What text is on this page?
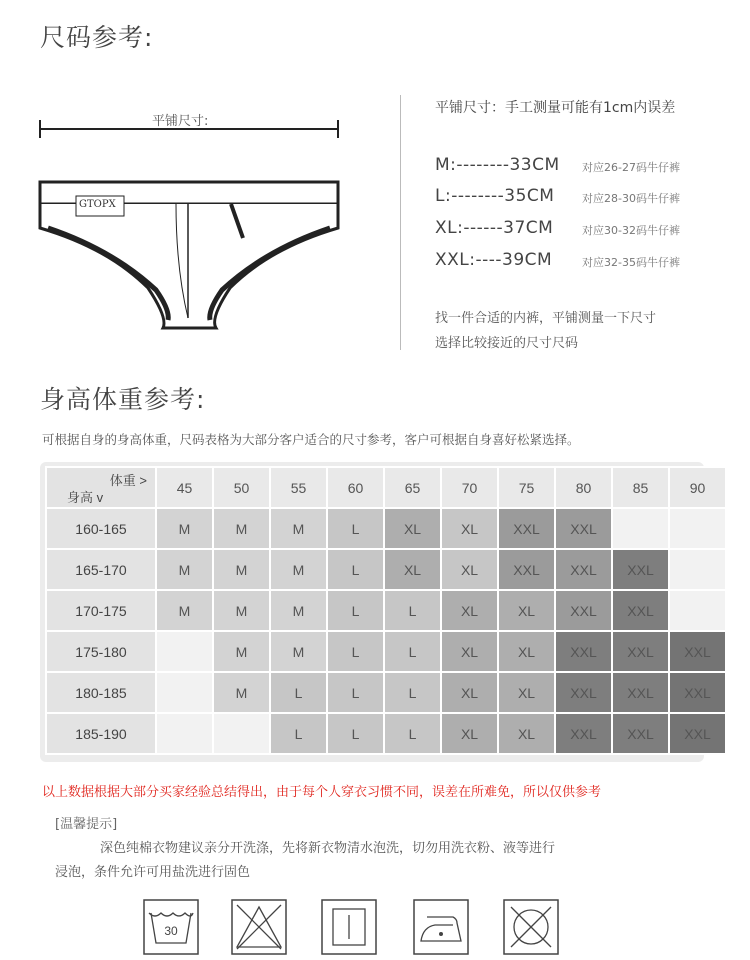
尺码参考:
平铺尺寸:
GTOPX
平铺尺寸：手工测量可能有1cm内误差
M:--------33CM 对应26-27码牛仔裤
L:--------35CM	对应28-30码牛仔裤
XL:------37CM	对应30-32码牛仔裤
XXL:----39CM	对应32-35码牛仔裤
找一件合适的内裤，平铺测量一下尺寸
选择比较接近的尺寸尺码
身高体重参考:
可根据自身的身高体重，尺码表格为大部分客户适合的尺寸参考，客户可根据自身喜好松紧选择。
体重 >
身高 v	45	50	55	60	65	70	75	80	85	90
160-165	M	M	M	L	XL	XL	XXL	XXL		
165-170	M	M	M	L	XL	XL	XXL	XXL	XXL	
170-175	M	M	M	L	L	XL	XL	XXL	XXL	
175-180		M	M	L	L	XL	XL	XXL	XXL	XXL
180-185		M	L	L	L	XL	XL	XXL	XXL	XXL
185-190			L	L	L	XL	XL	XXL	XXL	XXL
以上数据根据大部分买家经验总结得出，由于每个人穿衣习惯不同，误差在所难免，所以仅供参考
[温馨提示]
深色纯棉衣物建议亲分开洗涤，先将新衣物清水泡洗，切勿用洗衣粉、液等进行
浸泡，条件允许可用盐洗进行固色
30
